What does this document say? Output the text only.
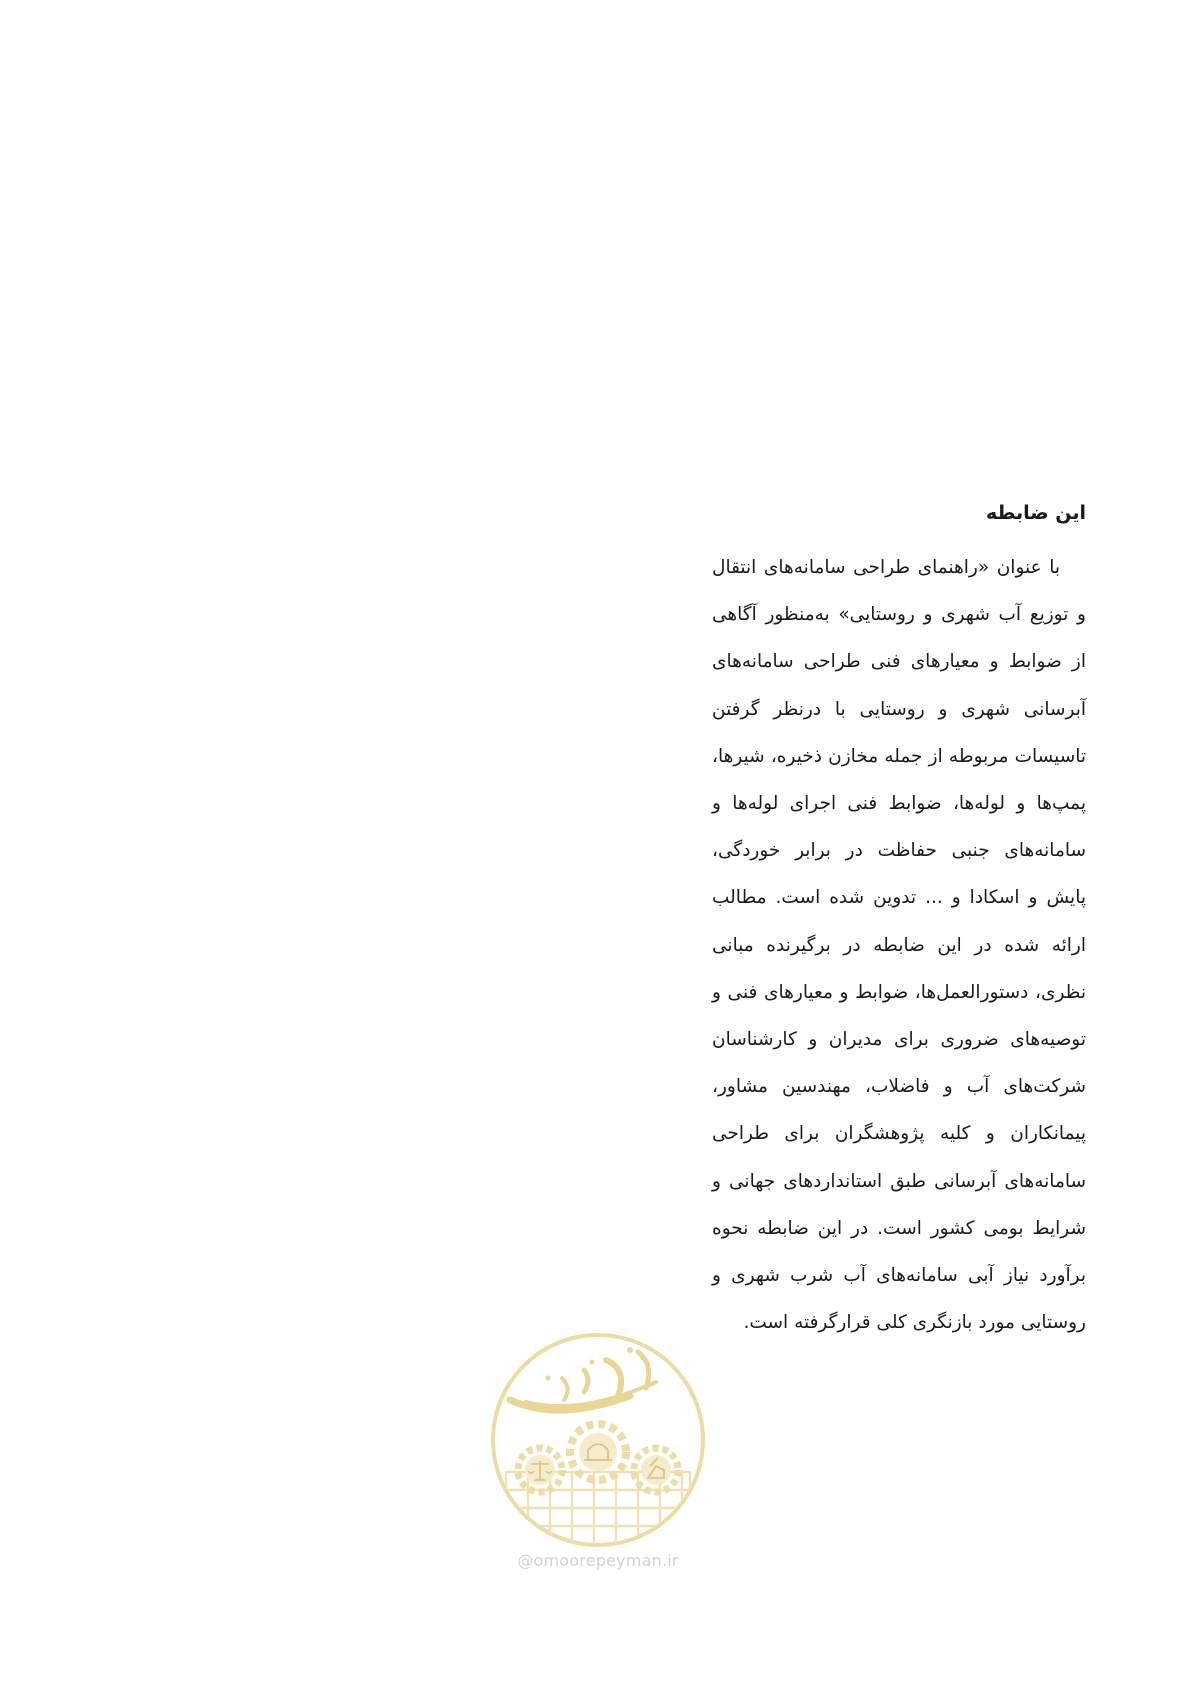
این ضابطه

با عنوان «راهنمای طراحی سامانه‌های انتقال و توزیع آب شهری و روستایی» به‌منظور آگاهی از ضوابط و معیارهای فنی طراحی سامانه‌های آبرسانی شهری و روستایی با درنظر گرفتن تاسیسات مربوطه از جمله مخازن ذخیره، شیرها، پمپ‌ها و لوله‌ها، ضوابط فنی اجرای لوله‌ها و سامانه‌های جنبی حفاظت در برابر خوردگی، پایش و اسکادا و ... تدوین شده است. مطالب ارائه شده در این ضابطه در برگیرنده مبانی نظری، دستورالعمل‌ها، ضوابط و معیارهای فنی و توصیه‌های ضروری برای مدیران و کارشناسان شرکت‌های آب و فاضلاب، مهندسین مشاور، پیمانکاران و کلیه پژوهشگران برای طراحی سامانه‌های آبرسانی طبق استانداردهای جهانی و شرایط بومی کشور است. در این ضابطه نحوه برآورد نیاز آبی سامانه‌های آب شرب شهری و روستایی مورد بازنگری کلی قرارگرفته است.

@omoorepeyman.ir
